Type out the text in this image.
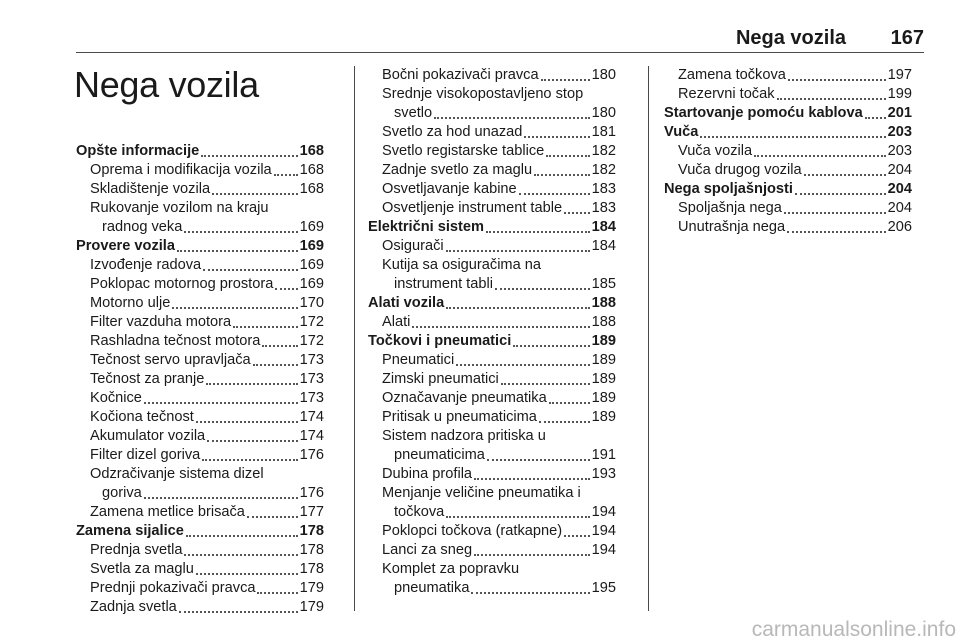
Nega vozila	167
Nega vozila
Opšte informacije	168
Oprema i modifikacija vozila 168
Skladištenje vozila	168
Rukovanje vozilom na kraju
radnog veka	169
Provere vozila	169
Izvođenje radova	169
Poklopac motornog prostora 169
Motorno ulje	170
Filter vazduha motora	172
Rashladna tečnost motora	172
Tečnost servo upravljača	173
Tečnost za pranje	173
Kočnice	173
Kočiona tečnost	174
Akumulator vozila	174
Filter dizel goriva	176
Odzračivanje sistema dizel
goriva	176
Zamena metlice brisača	177
Zamena sijalice	178
Prednja svetla	178
Svetla za maglu	178
Prednji pokazivači pravca	179
Zadnja svetla	179
Bočni pokazivači pravca	180
Srednje visokopostavljeno stop
svetlo	180
Svetlo za hod unazad	181
Svetlo registarske tablice	182
Zadnje svetlo za maglu	182
Osvetljavanje kabine	183
Osvetljenje instrument table 183
Električni sistem	184
Osigurači	184
Kutija sa osiguračima na
instrument tabli	185
Alati vozila	188
Alati	188
Točkovi i pneumatici	189
Pneumatici	189
Zimski pneumatici	189
Označavanje pneumatika	189
Pritisak u pneumaticima	189
Sistem nadzora pritiska u
pneumaticima	191
Dubina profila	193
Menjanje veličine pneumatika i
točkova	194
Poklopci točkova (ratkapne) 194
Lanci za sneg	194
Komplet za popravku
pneumatika	195
Zamena točkova	197
Rezervni točak	199
Startovanje pomoću kablova 201
Vuča	203
Vuča vozila	203
Vuča drugog vozila	204
Nega spoljašnjosti	204
Spoljašnja nega	204
Unutrašnja nega	206
carmanualsonline.info
